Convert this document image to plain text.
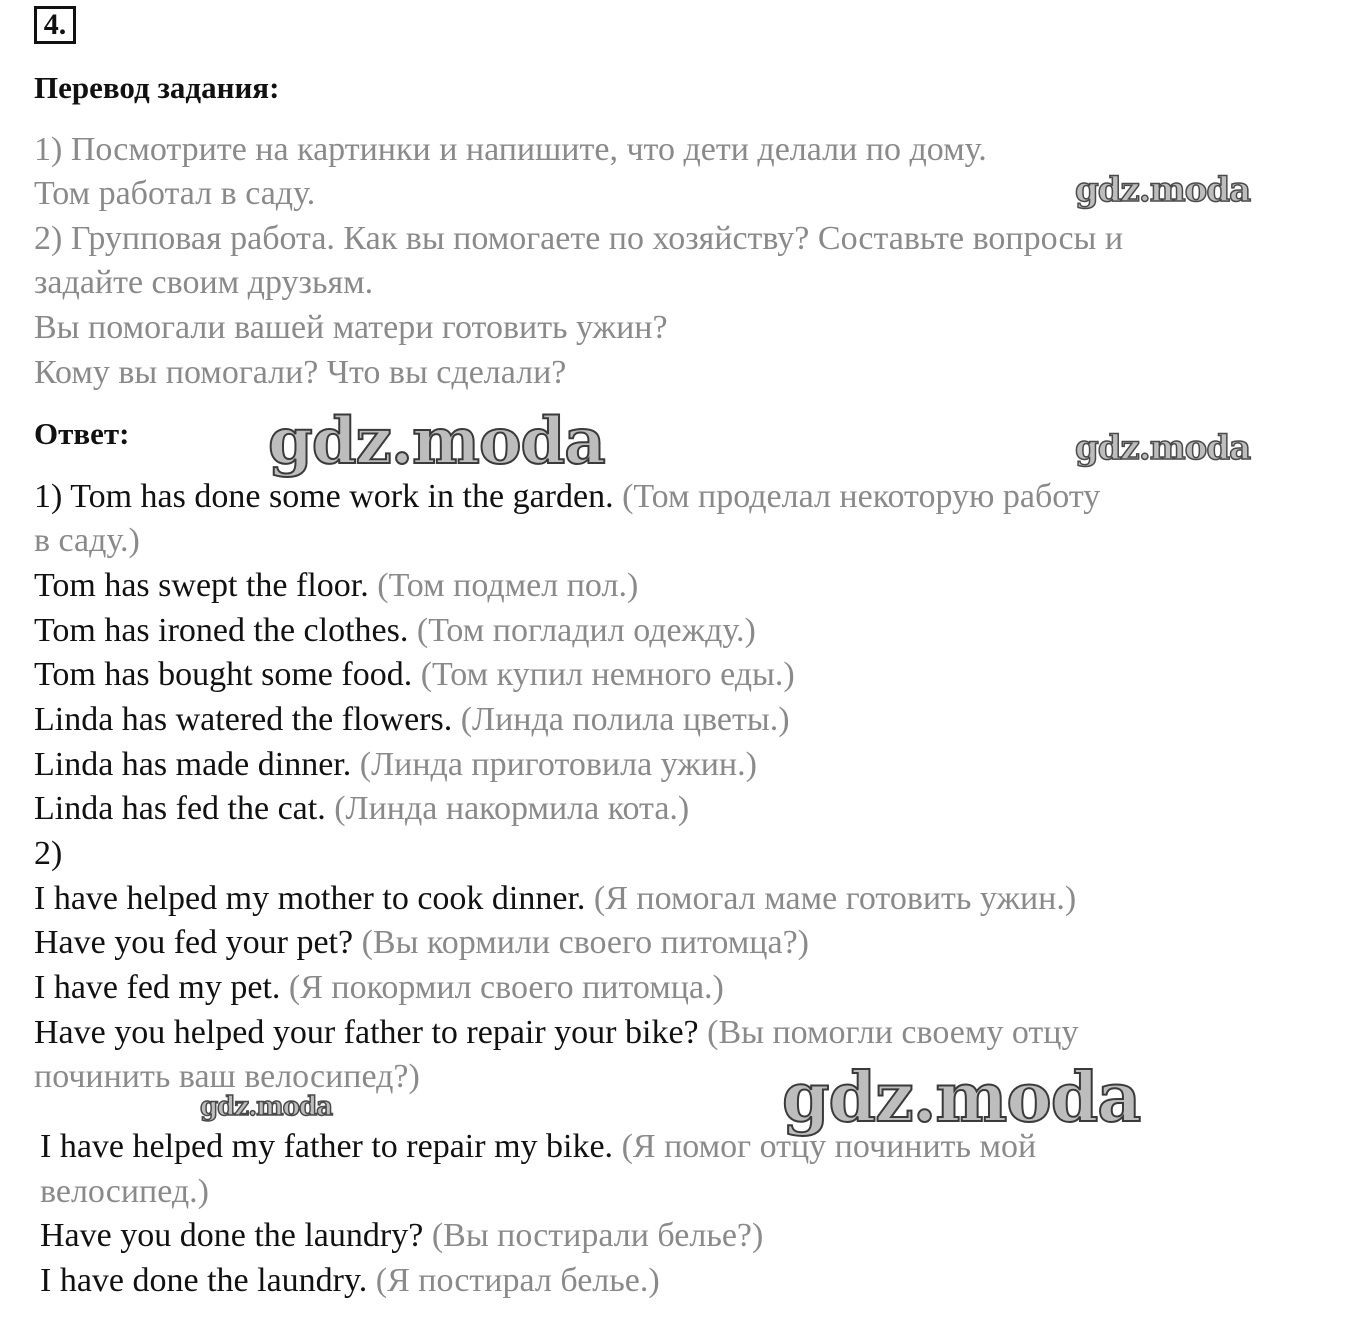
4.
Перевод задания:
1) Посмотрите на картинки и напишите, что дети делали по дому.
Том работал в саду.
2) Групповая работа. Как вы помогаете по хозяйству? Составьте вопросы и
задайте своим друзьям.
Вы помогали вашей матери готовить ужин?
Кому вы помогали? Что вы сделали?
Ответ:
1) Tom has done some work in the garden. (Том проделал некоторую работу
в саду.)
Tom has swept the floor. (Том подмел пол.)
Tom has ironed the clothes. (Том погладил одежду.)
Tom has bought some food. (Том купил немного еды.)
Linda has watered the flowers. (Линда полила цветы.)
Linda has made dinner. (Линда приготовила ужин.)
Linda has fed the cat. (Линда накормила кота.)
2)
I have helped my mother to cook dinner. (Я помогал маме готовить ужин.)
Have you fed your pet? (Вы кормили своего питомца?)
I have fed my pet. (Я покормил своего питомца.)
Have you helped your father to repair your bike? (Вы помогли своему отцу
починить ваш велосипед?)
I have helped my father to repair my bike. (Я помог отцу починить мой
велосипед.)
Have you done the laundry? (Вы постирали белье?)
I have done the laundry. (Я постирал белье.)
gdz.moda
gdz.moda	gdz.moda
gdz.moda
gdz.moda
